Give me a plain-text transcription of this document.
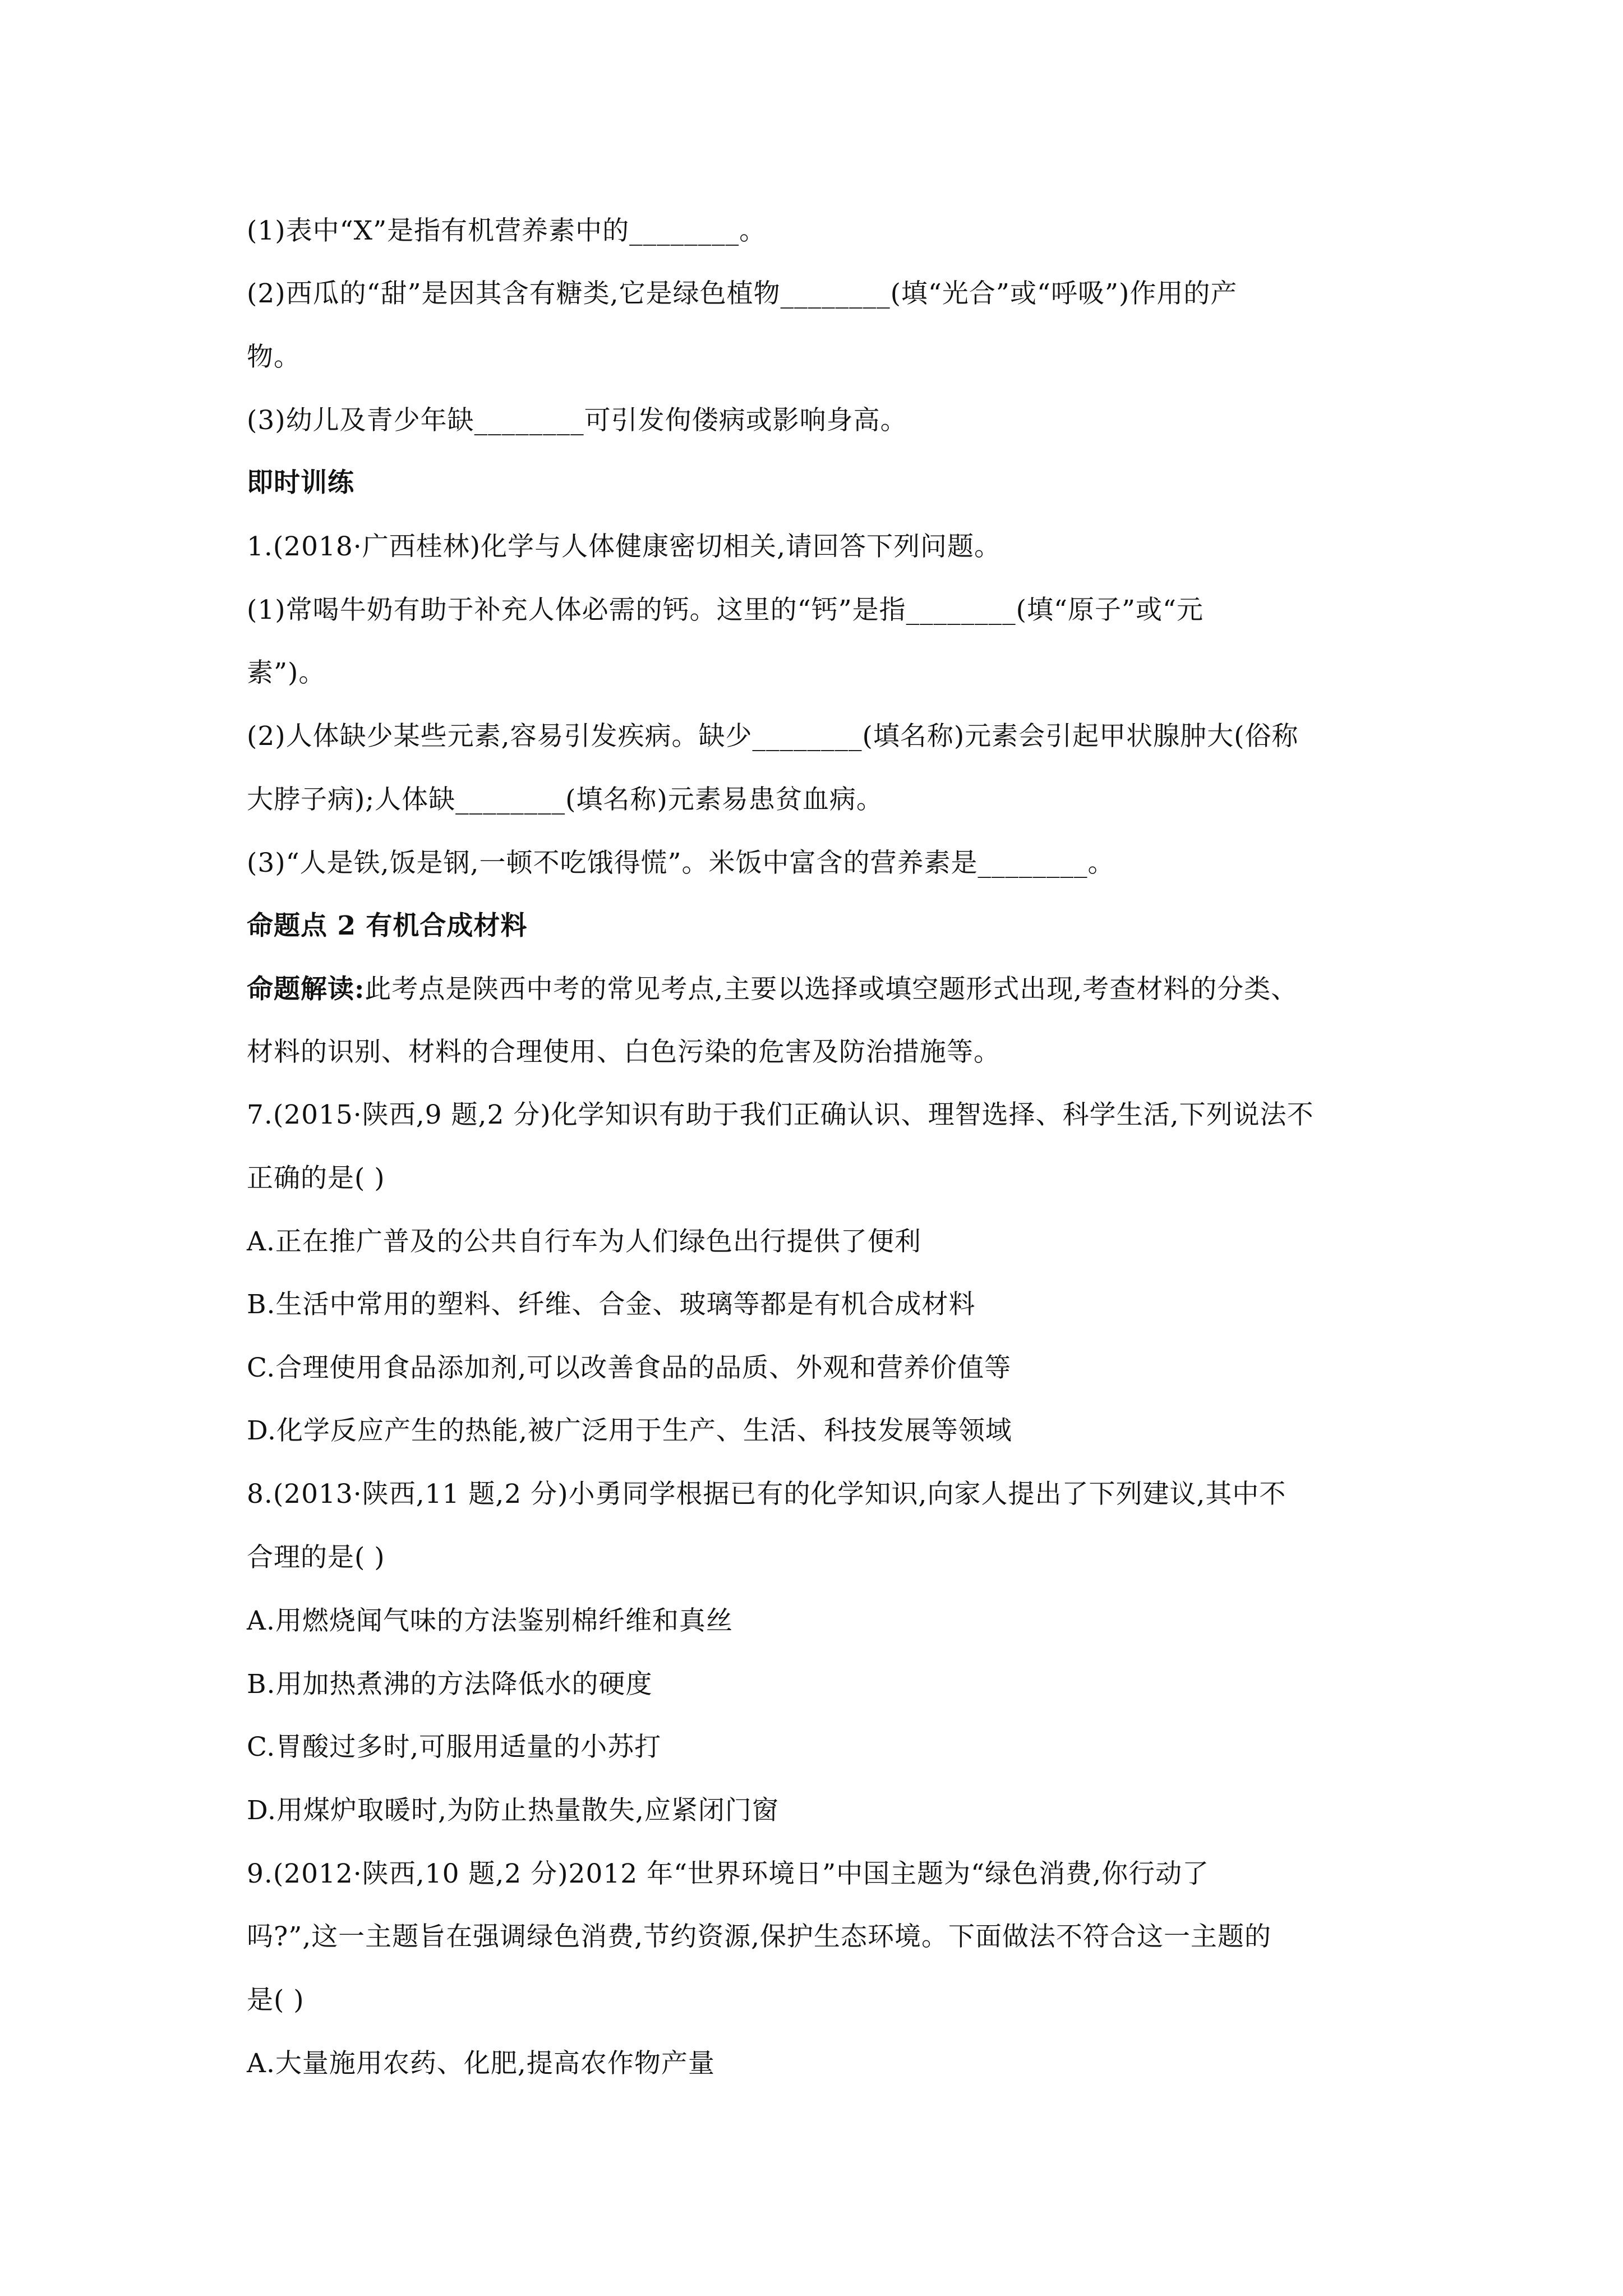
(1)表中“X”是指有机营养素中的________。
(2)西瓜的“甜”是因其含有糖类,它是绿色植物________(填“光合”或“呼吸”)作用的产
物。
(3)幼儿及青少年缺________可引发佝偻病或影响身高。
即时训练
1.(2018·广西桂林)化学与人体健康密切相关,请回答下列问题。
(1)常喝牛奶有助于补充人体必需的钙。这里的“钙”是指________(填“原子”或“元
素”)。
(2)人体缺少某些元素,容易引发疾病。缺少________(填名称)元素会引起甲状腺肿大(俗称
大脖子病);人体缺________(填名称)元素易患贫血病。
(3)“人是铁,饭是钢,一顿不吃饿得慌”。米饭中富含的营养素是________。
命题点 2 有机合成材料
命题解读:此考点是陕西中考的常见考点,主要以选择或填空题形式出现,考查材料的分类、
材料的识别、材料的合理使用、白色污染的危害及防治措施等。
7.(2015·陕西,9 题,2 分)化学知识有助于我们正确认识、理智选择、科学生活,下列说法不
正确的是( )
A.正在推广普及的公共自行车为人们绿色出行提供了便利
B.生活中常用的塑料、纤维、合金、玻璃等都是有机合成材料
C.合理使用食品添加剂,可以改善食品的品质、外观和营养价值等
D.化学反应产生的热能,被广泛用于生产、生活、科技发展等领域
8.(2013·陕西,11 题,2 分)小勇同学根据已有的化学知识,向家人提出了下列建议,其中不
合理的是( )
A.用燃烧闻气味的方法鉴别棉纤维和真丝
B.用加热煮沸的方法降低水的硬度
C.胃酸过多时,可服用适量的小苏打
D.用煤炉取暖时,为防止热量散失,应紧闭门窗
9.(2012·陕西,10 题,2 分)2012 年“世界环境日”中国主题为“绿色消费,你行动了
吗?”,这一主题旨在强调绿色消费,节约资源,保护生态环境。下面做法不符合这一主题的
是( )
A.大量施用农药、化肥,提高农作物产量
